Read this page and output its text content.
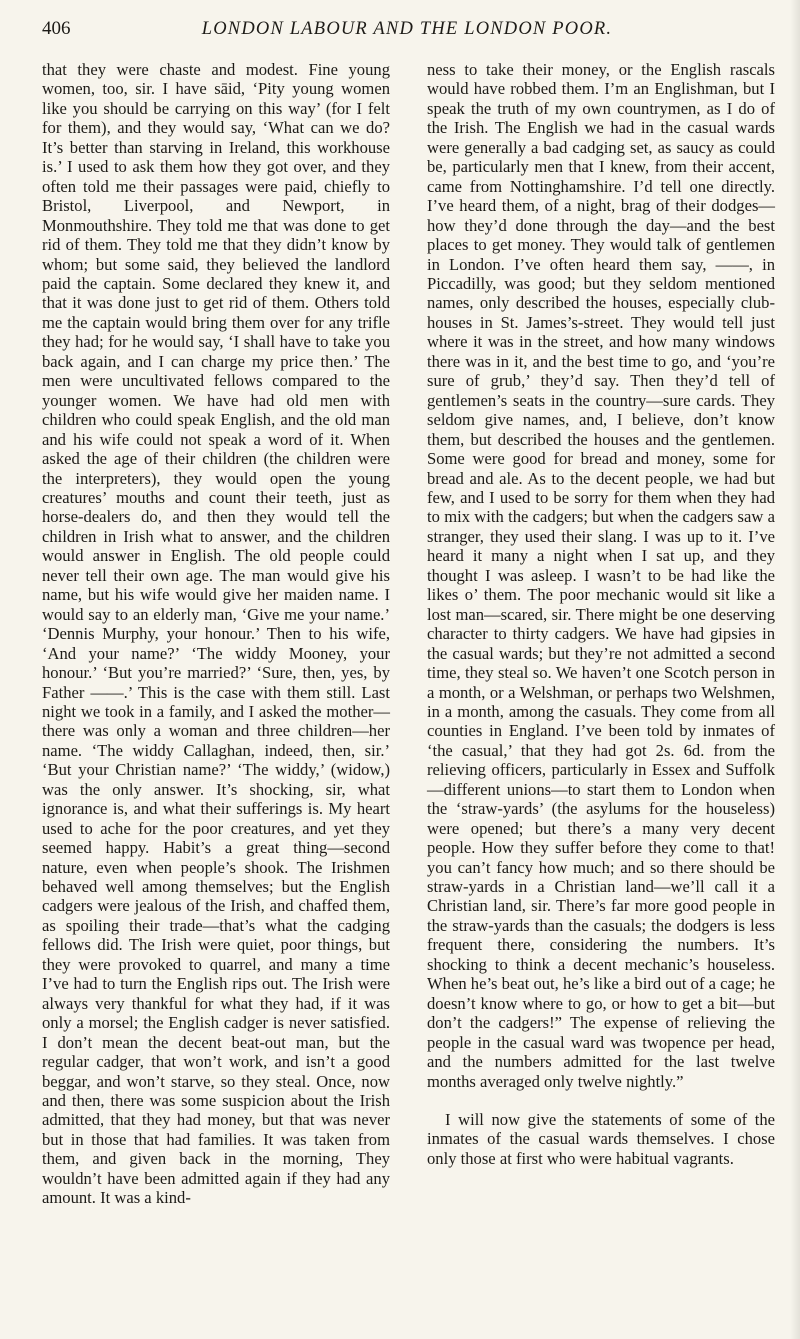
406	LONDON LABOUR AND THE LONDON POOR.

that they were chaste and modest. Fine young women, too, sir. I have sāid, ‘Pity young women like you should be carrying on this way’ (for I felt for them), and they would say, ‘What can we do? It’s better than starving in Ireland, this workhouse is.’ I used to ask them how they got over, and they often told me their passages were paid, chiefly to Bristol, Liverpool, and Newport, in Monmouthshire. They told me that was done to get rid of them. They told me that they didn’t know by whom; but some said, they believed the landlord paid the captain. Some declared they knew it, and that it was done just to get rid of them. Others told me the captain would bring them over for any trifle they had; for he would say, ‘I shall have to take you back again, and I can charge my price then.’ The men were uncultivated fellows compared to the younger women. We have had old men with children who could speak English, and the old man and his wife could not speak a word of it. When asked the age of their children (the children were the interpreters), they would open the young creatures’ mouths and count their teeth, just as horse-dealers do, and then they would tell the children in Irish what to answer, and the children would answer in English. The old people could never tell their own age. The man would give his name, but his wife would give her maiden name. I would say to an elderly man, ‘Give me your name.’ ‘Dennis Murphy, your honour.’ Then to his wife, ‘And your name?’ ‘The widdy Mooney, your honour.’ ‘But you’re married?’ ‘Sure, then, yes, by Father ——.’ This is the case with them still. Last night we took in a family, and I asked the mother—there was only a woman and three children—her name. ‘The widdy Callaghan, indeed, then, sir.’ ‘But your Christian name?’ ‘The widdy,’ (widow,) was the only answer. It’s shocking, sir, what ignorance is, and what their sufferings is. My heart used to ache for the poor creatures, and yet they seemed happy. Habit’s a great thing—second nature, even when people’s shook. The Irishmen behaved well among themselves; but the English cadgers were jealous of the Irish, and chaffed them, as spoiling their trade—that’s what the cadging fellows did. The Irish were quiet, poor things, but they were provoked to quarrel, and many a time I’ve had to turn the English rips out. The Irish were always very thankful for what they had, if it was only a morsel; the English cadger is never satisfied. I don’t mean the decent beat-out man, but the regular cadger, that won’t work, and isn’t a good beggar, and won’t starve, so they steal. Once, now and then, there was some suspicion about the Irish admitted, that they had money, but that was never but in those that had families. It was taken from them, and given back in the morning, They wouldn’t have been admitted again if they had any amount. It was a kind-

ness to take their money, or the English rascals would have robbed them. I’m an Englishman, but I speak the truth of my own countrymen, as I do of the Irish. The English we had in the casual wards were generally a bad cadging set, as saucy as could be, particularly men that I knew, from their accent, came from Nottinghamshire. I’d tell one directly. I’ve heard them, of a night, brag of their dodges—how they’d done through the day—and the best places to get money. They would talk of gentlemen in London. I’ve often heard them say, ——, in Piccadilly, was good; but they seldom mentioned names, only described the houses, especially club-houses in St. James’s-street. They would tell just where it was in the street, and how many windows there was in it, and the best time to go, and ‘you’re sure of grub,’ they’d say. Then they’d tell of gentlemen’s seats in the country—sure cards. They seldom give names, and, I believe, don’t know them, but described the houses and the gentlemen. Some were good for bread and money, some for bread and ale. As to the decent people, we had but few, and I used to be sorry for them when they had to mix with the cadgers; but when the cadgers saw a stranger, they used their slang. I was up to it. I’ve heard it many a night when I sat up, and they thought I was asleep. I wasn’t to be had like the likes o’ them. The poor mechanic would sit like a lost man—scared, sir. There might be one deserving character to thirty cadgers. We have had gipsies in the casual wards; but they’re not admitted a second time, they steal so. We haven’t one Scotch person in a month, or a Welshman, or perhaps two Welshmen, in a month, among the casuals. They come from all counties in England. I’ve been told by inmates of ‘the casual,’ that they had got 2s. 6d. from the relieving officers, particularly in Essex and Suffolk—different unions—to start them to London when the ‘straw-yards’ (the asylums for the houseless) were opened; but there’s a many very decent people. How they suffer before they come to that! you can’t fancy how much; and so there should be straw-yards in a Christian land—we’ll call it a Christian land, sir. There’s far more good people in the straw-yards than the casuals; the dodgers is less frequent there, considering the numbers. It’s shocking to think a decent mechanic’s houseless. When he’s beat out, he’s like a bird out of a cage; he doesn’t know where to go, or how to get a bit—but don’t the cadgers!” The expense of relieving the people in the casual ward was twopence per head, and the numbers admitted for the last twelve months averaged only twelve nightly.”

I will now give the statements of some of the inmates of the casual wards themselves. I chose only those at first who were habitual vagrants.
